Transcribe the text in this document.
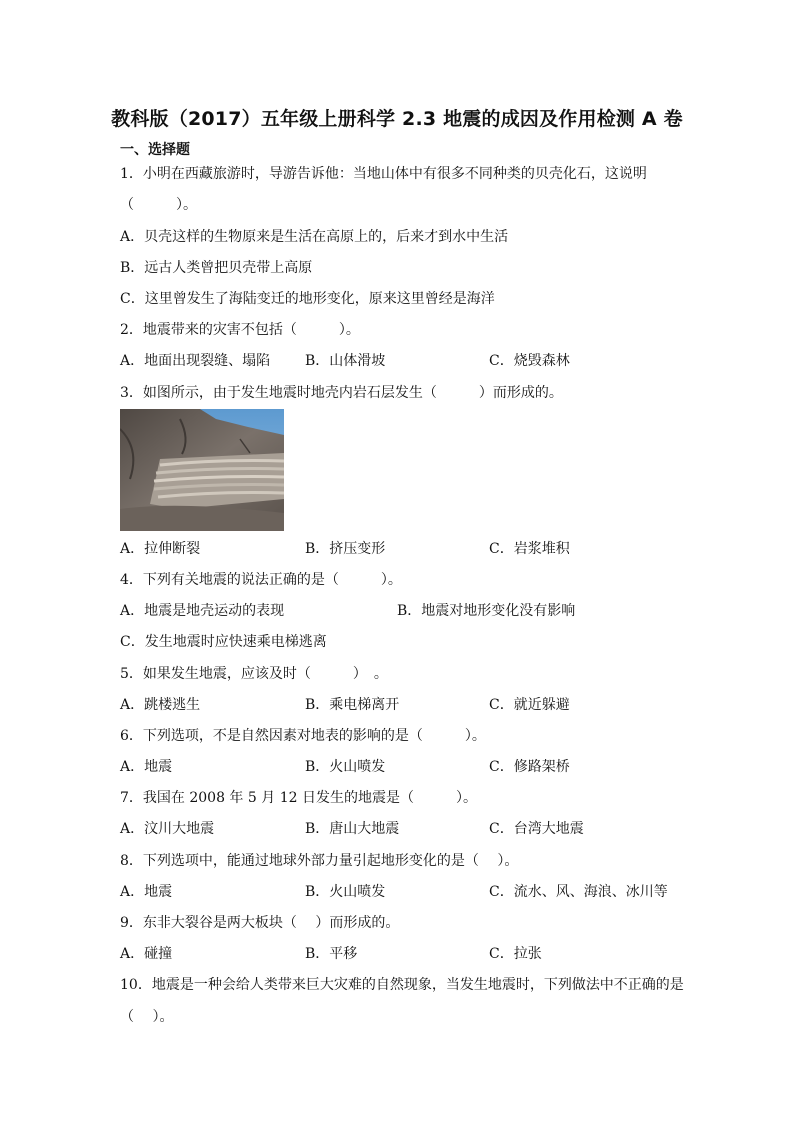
教科版（2017）五年级上册科学 2.3 地震的成因及作用检测 A 卷
一、选择题
1．小明在西藏旅游时，导游告诉他：当地山体中有很多不同种类的贝壳化石，这说明
（　　　）。
A．贝壳这样的生物原来是生活在高原上的，后来才到水中生活
B．远古人类曾把贝壳带上高原
C．这里曾发生了海陆变迁的地形变化，原来这里曾经是海洋
2．地震带来的灾害不包括（　　　）。
A．地面出现裂缝、塌陷 B．山体滑坡	C．烧毁森林
3．如图所示，由于发生地震时地壳内岩石层发生（　　　）而形成的。
A．拉伸断裂	B．挤压变形	C．岩浆堆积
4．下列有关地震的说法正确的是（　　　）。
A．地震是地壳运动的表现	B．地震对地形变化没有影响
C．发生地震时应快速乘电梯逃离
5．如果发生地震，应该及时（　　　）　。
A．跳楼逃生	B．乘电梯离开	C．就近躲避
6．下列选项，不是自然因素对地表的影响的是（　　　）。
A．地震	B．火山喷发	C．修路架桥
7．我国在 2008 年 5 月 12 日发生的地震是（　　　）。
A．汶川大地震	B．唐山大地震	C．台湾大地震
8．下列选项中，能通过地球外部力量引起地形变化的是（　 ）。
A．地震	B．火山喷发	C．流水、风、海浪、冰川等
9．东非大裂谷是两大板块（　 ）而形成的。
A．碰撞	B．平移	C．拉张
10．地震是一种会给人类带来巨大灾难的自然现象，当发生地震时，下列做法中不正确的是
（　 ）。
